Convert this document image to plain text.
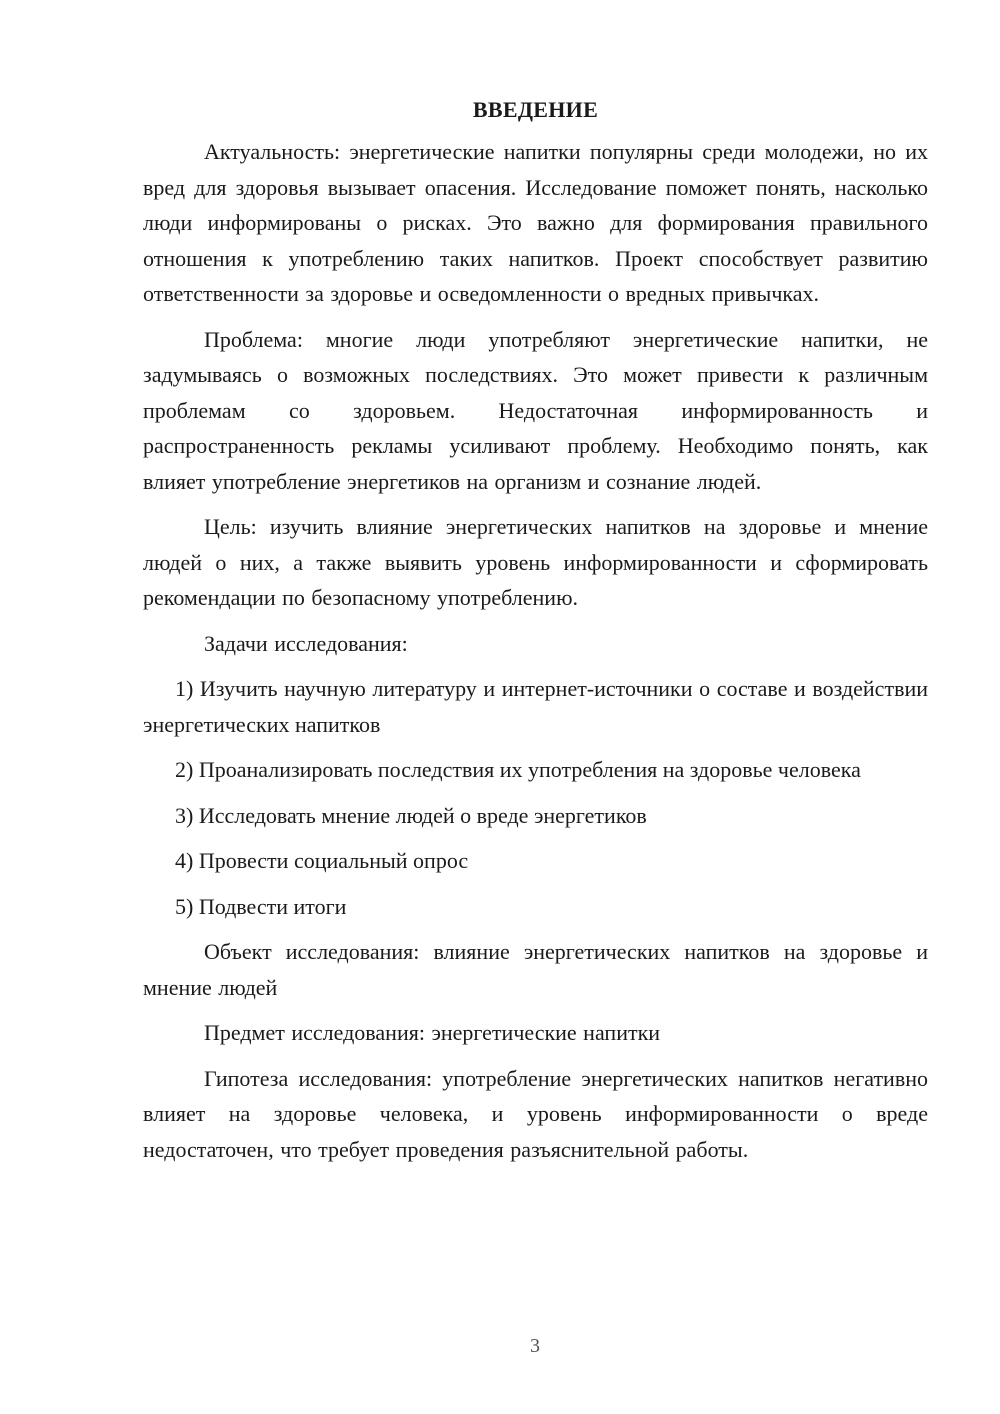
ВВЕДЕНИЕ

Актуальность: энергетические напитки популярны среди молодежи, но их вред для здоровья вызывает опасения. Исследование поможет понять, насколько люди информированы о рисках. Это важно для формирования правильного отношения к употреблению таких напитков. Проект способствует развитию ответственности за здоровье и осведомленности о вредных привычках.

Проблема: многие люди употребляют энергетические напитки, не задумываясь о возможных последствиях. Это может привести к различным проблемам со здоровьем. Недостаточная информированность и распространенность рекламы усиливают проблему. Необходимо понять, как влияет употребление энергетиков на организм и сознание людей.

Цель: изучить влияние энергетических напитков на здоровье и мнение людей о них, а также выявить уровень информированности и сформировать рекомендации по безопасному употреблению.

Задачи исследования:

1) Изучить научную литературу и интернет-источники о составе и воздействии энергетических напитков

2) Проанализировать последствия их употребления на здоровье человека

3) Исследовать мнение людей о вреде энергетиков

4) Провести социальный опрос

5) Подвести итоги

Объект исследования: влияние энергетических напитков на здоровье и мнение людей

Предмет исследования: энергетические напитки

Гипотеза исследования: употребление энергетических напитков негативно влияет на здоровье человека, и уровень информированности о вреде недостаточен, что требует проведения разъяснительной работы.

3
